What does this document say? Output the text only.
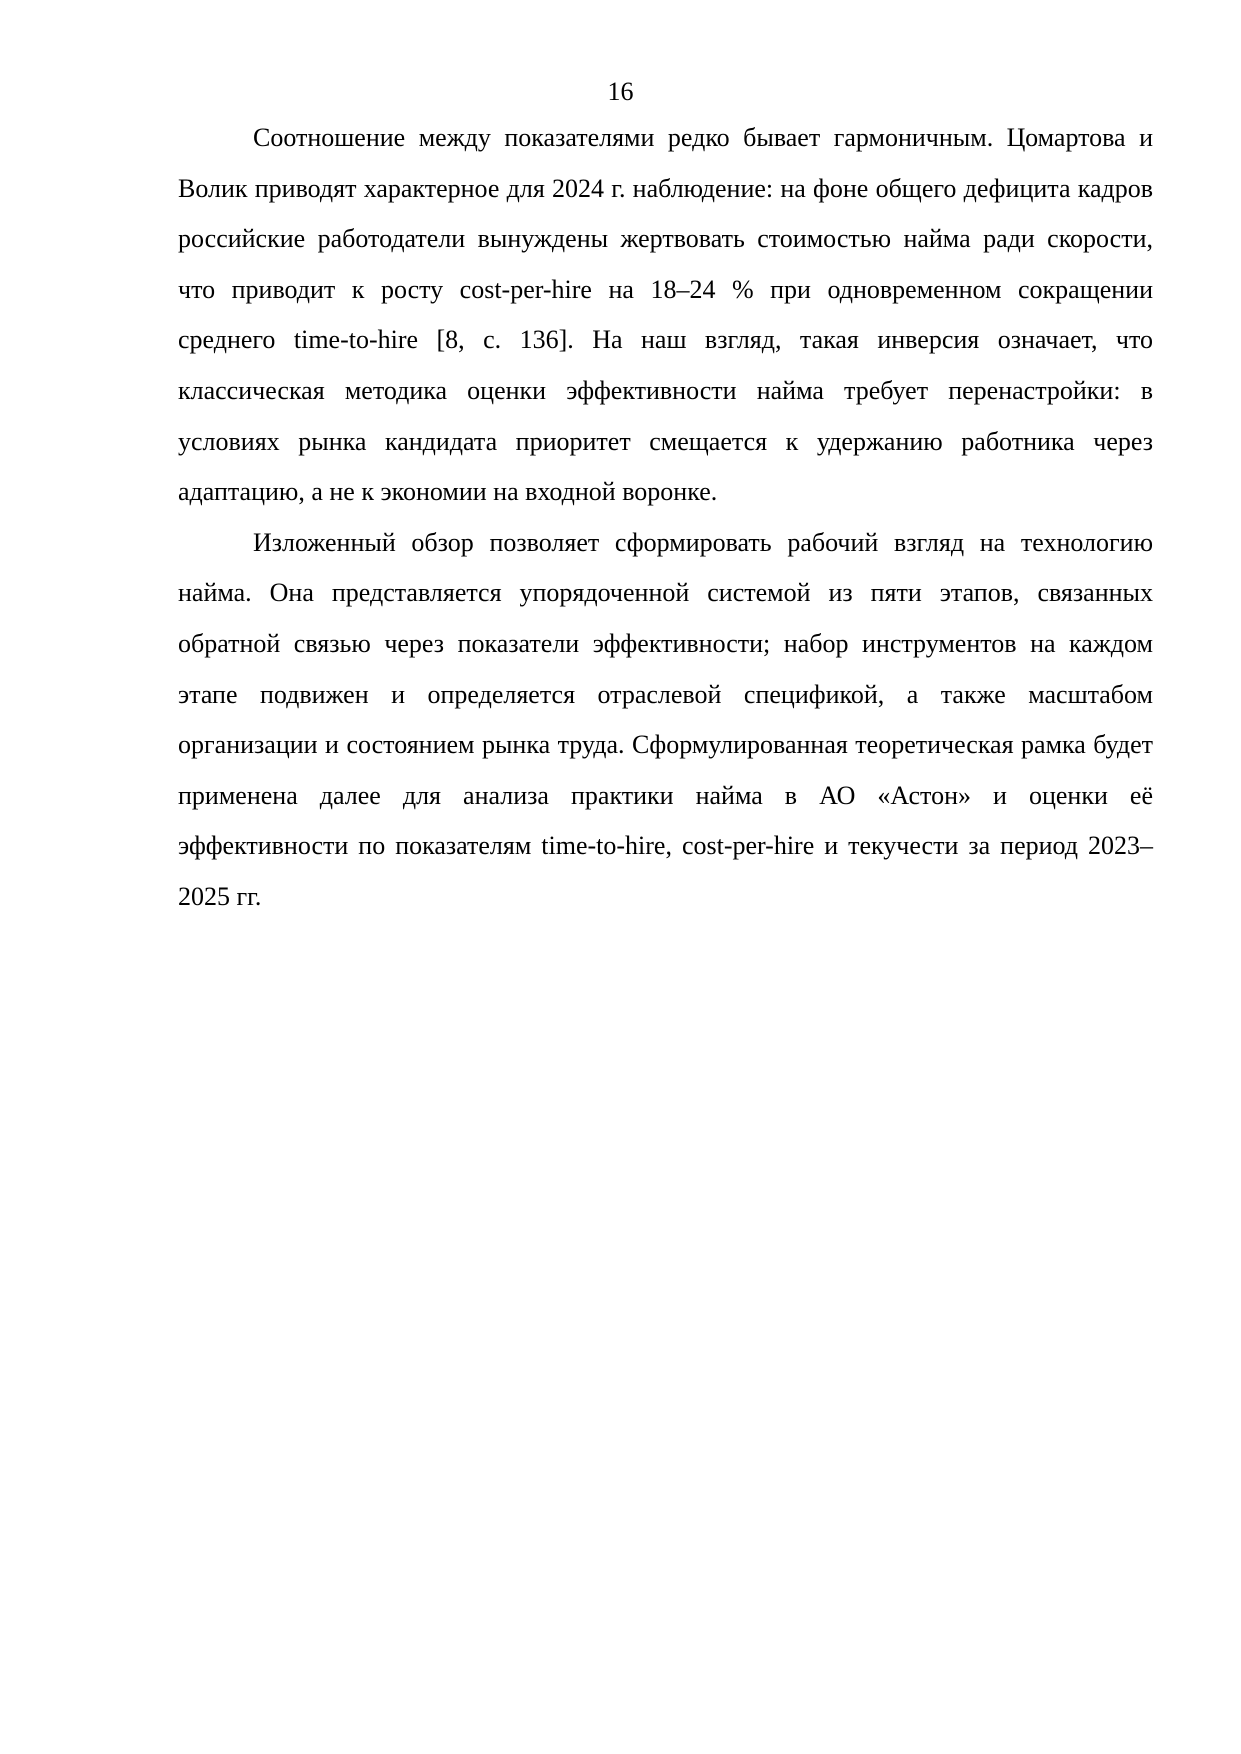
16

Соотношение между показателями редко бывает гармоничным. Цомартова и Волик приводят характерное для 2024 г. наблюдение: на фоне общего дефицита кадров российские работодатели вынуждены жертвовать стоимостью найма ради скорости, что приводит к росту cost-per-hire на 18–24 % при одновременном сокращении среднего time-to-hire [8, с. 136]. На наш взгляд, такая инверсия означает, что классическая методика оценки эффективности найма требует перенастройки: в условиях рынка кандидата приоритет смещается к удержанию работника через адаптацию, а не к экономии на входной воронке.

Изложенный обзор позволяет сформировать рабочий взгляд на технологию найма. Она представляется упорядоченной системой из пяти этапов, связанных обратной связью через показатели эффективности; набор инструментов на каждом этапе подвижен и определяется отраслевой спецификой, а также масштабом организации и состоянием рынка труда. Сформулированная теоретическая рамка будет применена далее для анализа практики найма в АО «Астон» и оценки её эффективности по показателям time-to-hire, cost-per-hire и текучести за период 2023–2025 гг.
